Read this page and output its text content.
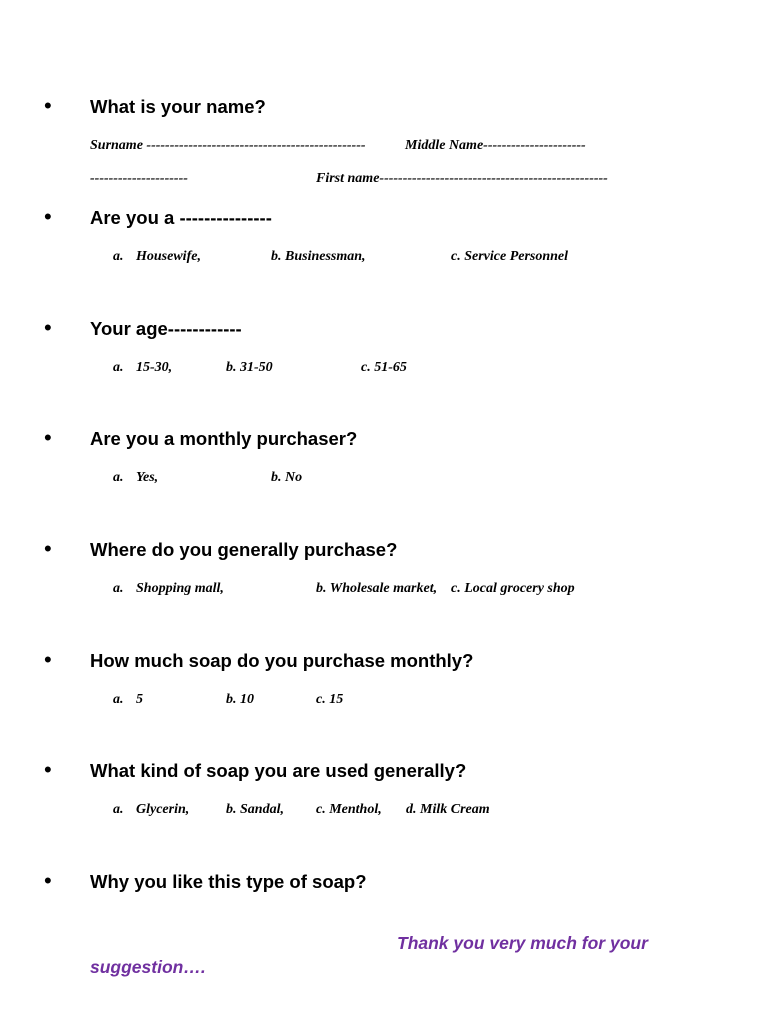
• What is your name?
Surname -----------------------------------------------	Middle Name----------------------
---------------------	First name-------------------------------------------------
• Are you a ---------------
a. Housewife,	b. Businessman,	c. Service Personnel
• Your age------------
a. 15-30,	b. 31-50	c. 51-65
• Are you a monthly purchaser?
a. Yes,	b. No
• Where do you generally purchase?
a. Shopping mall,	b. Wholesale market, c. Local grocery shop
• How much soap do you purchase monthly?
a. 5	b. 10	c. 15
• What kind of soap you are used generally?
a. Glycerin,	b. Sandal, c. Menthol, d. Milk Cream
• Why you like this type of soap?
Thank you very much for your
suggestion….
